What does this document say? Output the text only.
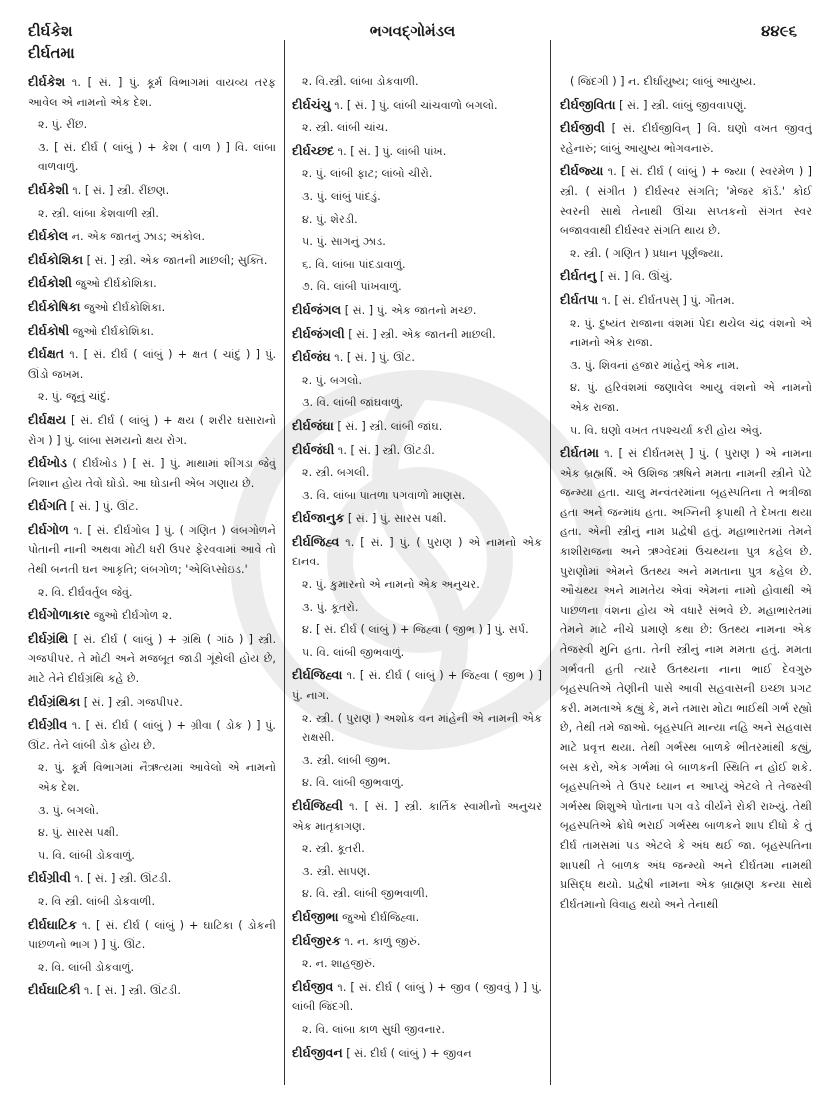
દીર્ઘકેશ
દીર્ઘતમા
ભગવદ્ગોમંડલ	૪૪૯૬
દીર્ઘકેશ ૧. [ સં. ] પું. કૂર્મ વિભાગમાં વાયવ્ય તરફ આવેલ એ નામનો એક દેશ.
૨. પું. રીંછ.
૩. [ સં. દીર્ઘ ( લાંબું ) + કેશ ( વાળ ) ] વિ. લાંબા વાળવાળું.
દીર્ઘકેશી ૧. [ સં. ] સ્ત્રી. રીંછણ.
૨. સ્ત્રી. લાંબા કેશવાળી સ્ત્રી.
દીર્ઘકોલ ન. એક જાતનું ઝાડ; અંકોલ.
દીર્ઘકોશિકા [ સં. ] સ્ત્રી. એક જાતની માછલી; સુક્તિ.
દીર્ઘકોશી જુઓ દીર્ઘકોશિકા.
દીર્ઘકોષિકા જુઓ દીર્ઘકોશિકા.
દીર્ઘકોષી જુઓ દીર્ઘકોશિકા.
દીર્ઘક્ષત ૧. [ સં. દીર્ઘ ( લાંબું ) + ક્ષત ( ચાંદું ) ] પું. ઊંડો જખમ.
૨. પું. જૂનું ચાંદું.
દીર્ઘક્ષય [ સં. દીર્ઘ ( લાંબું ) + ક્ષય ( શરીર ઘસારાનો રોગ ) ] પું. લાંબા સમયનો ક્ષય રોગ.
દીર્ઘખોડ ( દીર્ઘખોડ ) [ સં. ] પું. માથામાં શીંગડા જેવું નિશાન હોય તેવો ઘોડો. આ ઘોડાની એબ ગણાય છે.
દીર્ઘગતિ [ સં. ] પું. ઊંટ.
દીર્ઘગોળ ૧. [ સં. દીર્ઘગોલ ] પું. ( ગણિત ) લંબગોળને પોતાની નાની અથવા મોટી ધરી ઉપર ફેરવવામાં આવે તો તેથી બનતી ઘન આકૃતિ; લંબગોળ; 'એલિપ્સોઇડ.'
૨. વિ. દીર્ઘવર્તુલ જેવું.
દીર્ઘગોળાકાર જુઓ દીર્ઘગોળ ૨.
દીર્ઘગ્રંથિ [ સં. દીર્ઘ ( લાંબું ) + ગ્રંથિ ( ગાંઠ ) ] સ્ત્રી. ગજપીપર. તે મોટી અને મજબૂત જાડી ગૂંથેલી હોય છે, માટે તેને દીર્ઘગ્રંથિ કહે છે.
દીર્ઘગ્રંથિકા [ સં. ] સ્ત્રી. ગજપીપર.
દીર્ઘગ્રીવ ૧. [ સં. દીર્ઘ ( લાંબું ) + ગ્રીવા ( ડોક ) ] પું. ઊંટ. તેને લાંબી ડોક હોય છે.
૨. પું. કૂર્મ વિભાગમાં નૈઋત્યમાં આવેલો એ નામનો એક દેશ.
૩. પું. બગલો.
૪. પું. સારસ પક્ષી.
૫. વિ. લાંબી ડોકવાળું.
દીર્ઘગ્રીવી ૧. [ સં. ] સ્ત્રી. ઊંટડી.
૨. વિ સ્ત્રી. લાંબી ડોકવાળી.
દીર્ઘઘાટિક ૧. [ સં. દીર્ઘ ( લાંબું ) + ઘાટિકા ( ડોકની પાછળનો ભાગ ) ] પું. ઊંટ.
૨. વિ. લાંબી ડોકવાળું.
દીર્ઘઘાટિકી ૧. [ સં. ] સ્ત્રી. ઊંટડી.
૨. વિ.સ્ત્રી. લાંબા ડોકવાળી.
દીર્ઘચંચુ ૧. [ સં. ] પું. લાંબી ચાંચવાળો બગલો.
૨. સ્ત્રી. લાંબી ચાંચ.
દીર્ઘચ્છદ ૧. [ સં. ] પું. લાંબી પાંખ.
૨. પું. લાંબી ફાટ; લાંબો ચીરો.
૩. પું. લાંબું પાંદડું.
૪. પું. શેરડી.
૫. પું. સાગનું ઝાડ.
૬. વિ. લાંબા પાંદડાવાળું.
૭. વિ. લાંબી પાંખવાળું.
દીર્ઘજંગલ [ સં. ] પું. એક જાતનો મચ્છ.
દીર્ઘજંગલી [ સં. ] સ્ત્રી. એક જાતની માછલી.
દીર્ઘજંઘ ૧. [ સં. ] પું. ઊંટ.
૨. પું. બગલો.
૩. વિ. લાંબી જાંઘવાળું.
દીર્ઘજંઘા [ સં. ] સ્ત્રી. લાંબી જાંઘ.
દીર્ઘજંઘી ૧. [ સં. ] સ્ત્રી. ઊંટડી.
૨. સ્ત્રી. બગલી.
૩. વિ. લાંબા પાતળા પગવાળો માણસ.
દીર્ઘજાનુક [ સં. ] પું. સારસ પક્ષી.
દીર્ઘજિહ્વ ૧. [ સં. ] પું. ( પુરાણ ) એ નામનો એક દાનવ.
૨. પું. કુમારનો એ નામનો એક અનુચર.
૩. પું. કૂતરો.
૪. [ સં. દીર્ઘ ( લાંબું ) + જિહ્વા ( જીભ ) ] પું. સર્પ.
૫. વિ. લાંબી જીભવાળું.
દીર્ઘજિહ્વા ૧. [ સં. દીર્ઘ ( લાંબું ) + જિહ્વા ( જીભ ) ] પું. નાગ.
૨. સ્ત્રી. ( પુરાણ ) અશોક વન માંહેની એ નામની એક રાક્ષસી.
૩. સ્ત્રી. લાંબી જીભ.
૪. વિ. લાંબી જીભવાળું.
દીર્ઘજિહ્વી ૧. [ સં. ] સ્ત્રી. કાર્તિક સ્વામીનો અનુચર એક માતૃકાગણ.
૨. સ્ત્રી. કૂતરી.
૩. સ્ત્રી. સાપણ.
૪. વિ. સ્ત્રી. લાંબી જીભવાળી.
દીર્ઘજીભા જુઓ દીર્ઘજિહ્વા.
દીર્ઘજીરક ૧. ન. કાળું જીરું.
૨. ન. શાહજીરું.
દીર્ઘજીવ ૧. [ સં. દીર્ઘ ( લાંબું ) + જીવ ( જીવવું ) ] પું. લાંબી જિંદગી.
૨. વિ. લાંબા કાળ સુધી જીવનાર.
દીર્ઘજીવન [ સં. દીર્ઘ ( લાંબું ) + જીવન
( જિંદગી ) ] ન. દીર્ઘાયુષ્ય; લાંબું આયુષ્ય.
દીર્ઘજીવિતા [ સં. ] સ્ત્રી. લાંબું જીવવાપણું.
દીર્ઘજીવી [ સં. દીર્ઘજીવિન્ ] વિ. ઘણો વખત જીવતું રહેનારું; લાંબું આયુષ્ય ભોગવનારું.
દીર્ઘજ્યા ૧. [ સં. દીર્ઘ ( લાંબું ) + જ્યા ( સ્વરમેળ ) ] સ્ત્રી. ( સંગીત ) દીર્ઘસ્વર સંગતિ; 'મેજર કૉર્ડ.' કોઈ સ્વરની સાથે તેનાથી ઊંચા સપ્તકનો સંગત સ્વર બજાવવાથી દીર્ઘસ્વર સંગતિ થાય છે.
૨. સ્ત્રી. ( ગણિત ) પ્રધાન પૂર્ણજ્યા.
દીર્ઘતનુ [ સં. ] વિ. ઊંચું.
દીર્ઘતપા ૧. [ સં. દીર્ઘતપસ્ ] પું. ગૌતમ.
૨. પું. દુષ્યંત રાજાના વંશમાં પેદા થયેલ ચંદ્ર વંશનો એ નામનો એક રાજા.
૩. પું. શિવનાં હજાર માંહેનું એક નામ.
૪. પું. હરિવંશમાં જણાવેલ આયુ વંશનો એ નામનો એક રાજા.
૫. વિ. ઘણો વખત તપશ્ચર્યા કરી હોય એવું.
દીર્ઘતમા ૧. [ સં દીર્ઘતમસ્ ] પું. ( પુરાણ ) એ નામના એક બ્રહ્મર્ષિ. એ ઉશિજ ઋષિને મમતા નામની સ્ત્રીને પેટે જન્મ્યા હતા. ચાલુ મન્વંતરમાંના બૃહસ્પતિના તે ભત્રીજા હતા અને જન્માંધ હતા. અગ્નિની કૃપાથી તે દેખતા થયા હતા. એની સ્ત્રીનું નામ પ્રદ્વેષી હતું. મહાભારતમાં તેમને કાશીરાજના અને ઋગ્વેદમાં ઉચથ્યના પુત્ર કહેલ છે. પુરાણોમાં એમને ઉતથ્ય અને મમતાના પુત્ર કહેલ છે. ઔચથ્ય અને મામતેય એવાં એમનાં નામો હોવાથી એ પાછળના વંશના હોય એ વધારે સંભવે છે. મહાભારતમાં તેમને માટે નીચે પ્રમાણે કથા છે: ઉતથ્ય નામના એક તેજસ્વી મુનિ હતા. તેની સ્ત્રીનું નામ મમતા હતું. મમતા ગર્ભવતી હતી ત્યારે ઉતથ્યના નાના ભાઈ દેવગુરુ બૃહસ્પતિએ તેણીની પાસે આવી સહવાસની ઇચ્છા પ્રગટ કરી. મમતાએ કહ્યું કે, મને તમારા મોટા ભાઈથી ગર્ભ રહ્યો છે, તેથી તમે જાઓ. બૃહસ્પતિ માન્યા નહિ અને સહવાસ માટે પ્રવૃત્ત થયા. તેથી ગર્ભસ્થ બાળકે ભીતરમાંથી કહ્યું, બસ કરો, એક ગર્ભમાં બે બાળકની સ્થિતિ ન હોઈ શકે. બૃહસ્પતિએ તે ઉપર ધ્યાન ન આપ્યું એટલે તે તેજસ્વી ગર્ભસ્થ શિશુએ પોતાના પગ વડે વીર્યને રોકી રાખ્યું. તેથી બૃહસ્પતિએ ક્રોધે ભરાઈ ગર્ભસ્થ બાળકને શાપ દીધો કે તું દીર્ઘ તામસમાં પડ એટલે કે અંધ થઈ જા. બૃહસ્પતિના શાપથી તે બાળક અંધ જન્મ્યો અને દીર્ઘતમા નામથી પ્રસિદ્ધ થયો. પ્રદ્વેષી નામના એક બ્રાહ્મણ કન્યા સાથે દીર્ઘતમાનો વિવાહ થયો અને તેનાથી
